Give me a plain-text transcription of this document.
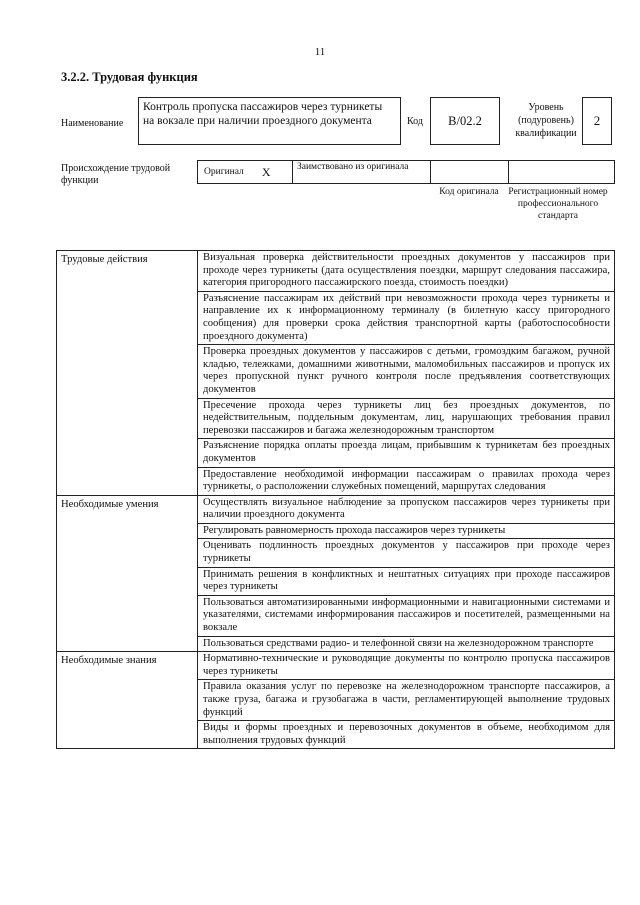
11
3.2.2. Трудовая функция
Наименование
Контроль пропуска пассажиров через турникеты на вокзале при наличии проездного документа	Код	B/02.2
Уровень (подуровень) квалификации
2
Происхождение трудовой функции
Оригинал X	Заимствовано из оригинала
Код оригинала	Регистрационный номер профессионального стандарта
Трудовые действия	Визуальная проверка действительности проездных документов у пассажиров при проходе через турникеты (дата осуществления поездки, маршрут следования пассажира, категория пригородного пассажирского поезда, стоимость поездки)
	Разъяснение пассажирам их действий при невозможности прохода через турникеты и направление их к информационному терминалу (в билетную кассу пригородного сообщения) для проверки срока действия транспортной карты (работоспособности проездного документа)
	Проверка проездных документов у пассажиров с детьми, громоздким багажом, ручной кладью, тележками, домашними животными, маломобильных пассажиров и пропуск их через пропускной пункт ручного контроля после предъявления соответствующих документов
	Пресечение прохода через турникеты лиц без проездных документов, по недействительным, поддельным документам, лиц, нарушающих требования правил перевозки пассажиров и багажа железнодорожным транспортом
	Разъяснение порядка оплаты проезда лицам, прибывшим к турникетам без проездных документов
	Предоставление необходимой информации пассажирам о правилах прохода через турникеты, о расположении служебных помещений, маршрутах следования
Необходимые умения	Осуществлять визуальное наблюдение за пропуском пассажиров через турникеты при наличии проездного документа
	Регулировать равномерность прохода пассажиров через турникеты
	Оценивать подлинность проездных документов у пассажиров при проходе через турникеты
	Принимать решения в конфликтных и нештатных ситуациях при проходе пассажиров через турникеты
	Пользоваться автоматизированными информационными и навигационными системами и указателями, системами информирования пассажиров и посетителей, размещенными на вокзале
	Пользоваться средствами радио- и телефонной связи на железнодорожном транспорте
Необходимые знания	Нормативно-технические и руководящие документы по контролю пропуска пассажиров через турникеты
	Правила оказания услуг по перевозке на железнодорожном транспорте пассажиров, а также груза, багажа и грузобагажа в части, регламентирующей выполнение трудовых функций
	Виды и формы проездных и перевозочных документов в объеме, необходимом для выполнения трудовых функций
